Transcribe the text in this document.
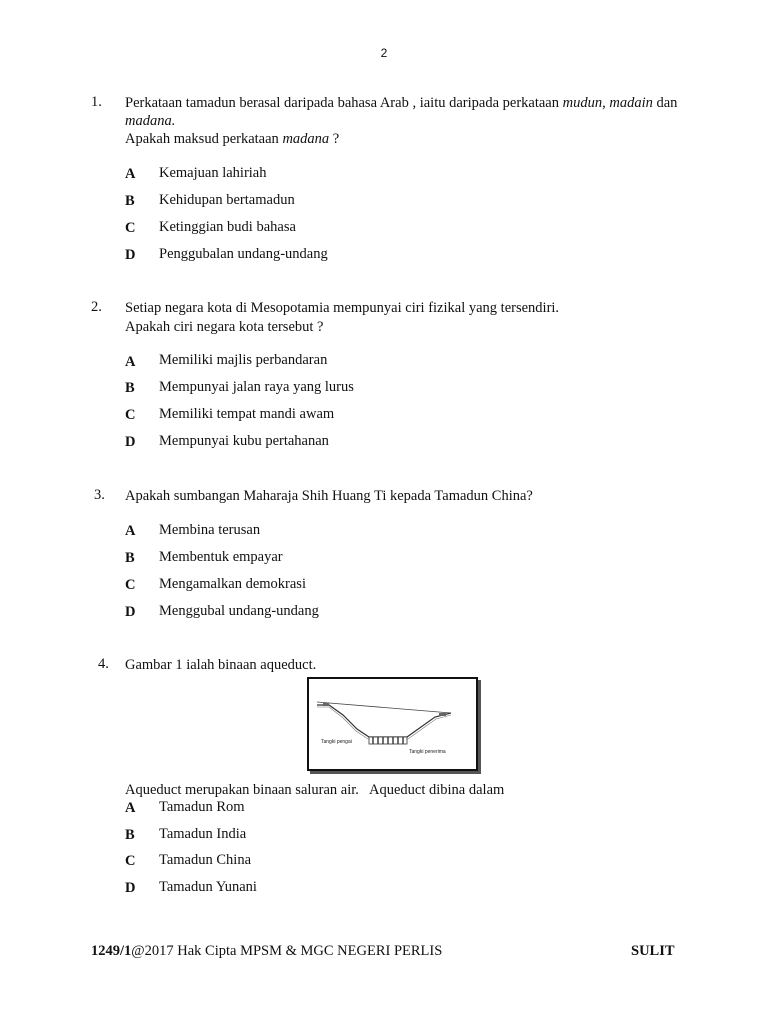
2
1. Perkataan tamadun berasal daripada bahasa Arab , iaitu daripada perkataan mudun, madain dan
madana.
Apakah maksud perkataan madana ?
A Kemajuan lahiriah
B Kehidupan bertamadun
C Ketinggian budi bahasa
D Penggubalan undang-undang
2. Setiap negara kota di Mesopotamia mempunyai ciri fizikal yang tersendiri.
Apakah ciri negara kota tersebut ?
A Memiliki majlis perbandaran
B Mempunyai jalan raya yang lurus
C Memiliki tempat mandi awam
D Mempunyai kubu pertahanan
3. Apakah sumbangan Maharaja Shih Huang Ti kepada Tamadun China?
A Membina terusan
B Membentuk empayar
C Mengamalkan demokrasi
D Menggubal undang-undang
4. Gambar 1 ialah binaan aqueduct.
Tangki pengai
Tangki penerima
Aqueduct merupakan binaan saluran air.   Aqueduct dibina dalam
A Tamadun Rom
B Tamadun India
C Tamadun China
D Tamadun Yunani
1249/1@2017 Hak Cipta MPSM & MGC NEGERI PERLIS	SULIT
